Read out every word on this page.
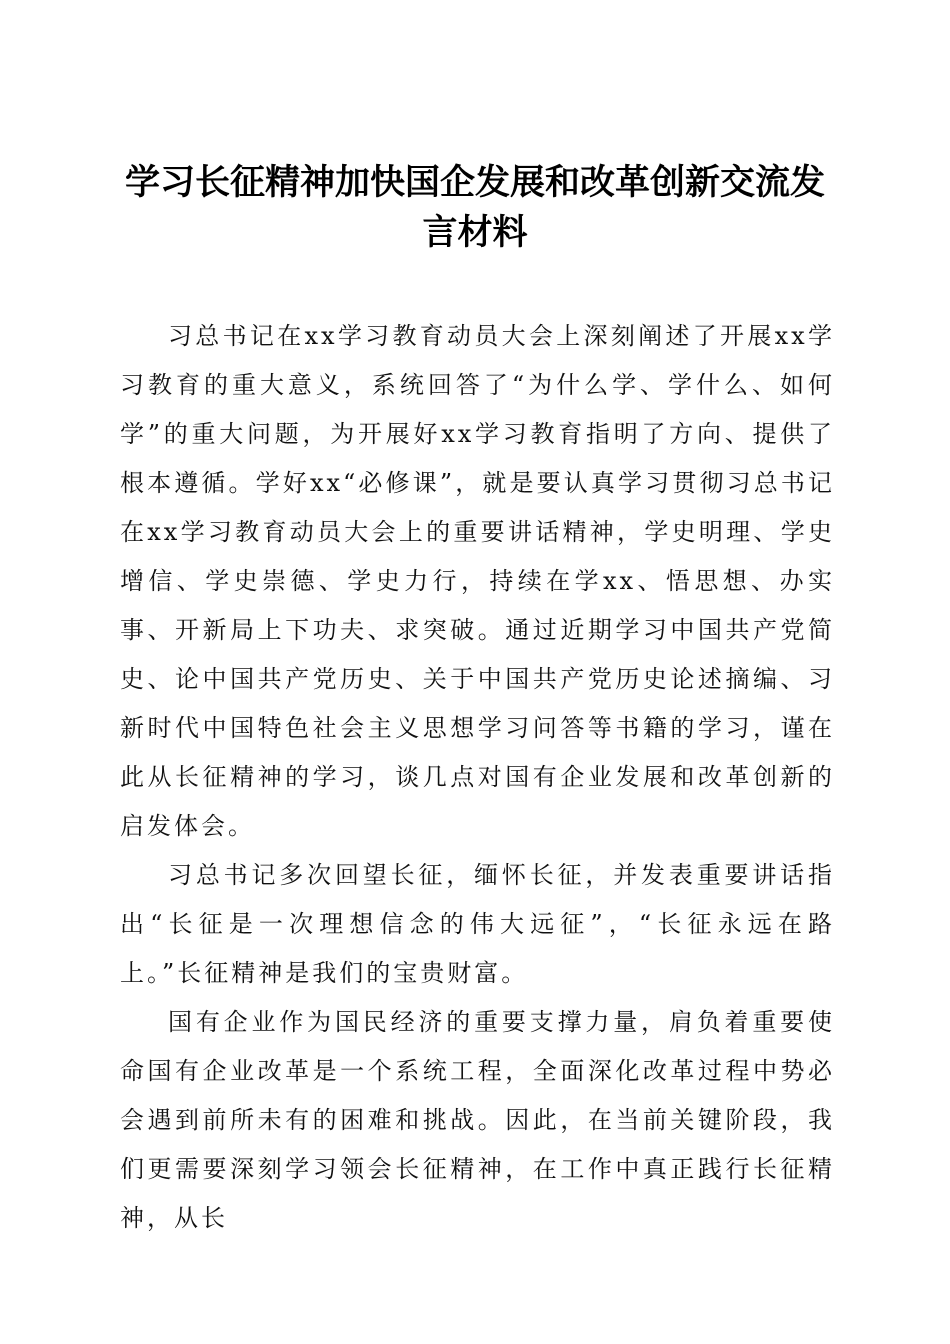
学习长征精神加快国企发展和改革创新交流发
言材料

习总书记在xx学习教育动员大会上深刻阐述了开展xx学习教育的重大意义，系统回答了“为什么学、学什么、如何学”的重大问题，为开展好xx学习教育指明了方向、提供了根本遵循。学好xx“必修课”，就是要认真学习贯彻习总书记在xx学习教育动员大会上的重要讲话精神，学史明理、学史增信、学史崇德、学史力行，持续在学xx、悟思想、办实事、开新局上下功夫、求突破。通过近期学习中国共产党简史、论中国共产党历史、关于中国共产党历史论述摘编、习新时代中国特色社会主义思想学习问答等书籍的学习，谨在此从长征精神的学习，谈几点对国有企业发展和改革创新的启发体会。

习总书记多次回望长征，缅怀长征，并发表重要讲话指出“长征是一次理想信念的伟大远征”，“长征永远在路上。”长征精神是我们的宝贵财富。

国有企业作为国民经济的重要支撑力量，肩负着重要使命国有企业改革是一个系统工程，全面深化改革过程中势必会遇到前所未有的困难和挑战。因此，在当前关键阶段，我们更需要深刻学习领会长征精神，在工作中真正践行长征精神，从长
